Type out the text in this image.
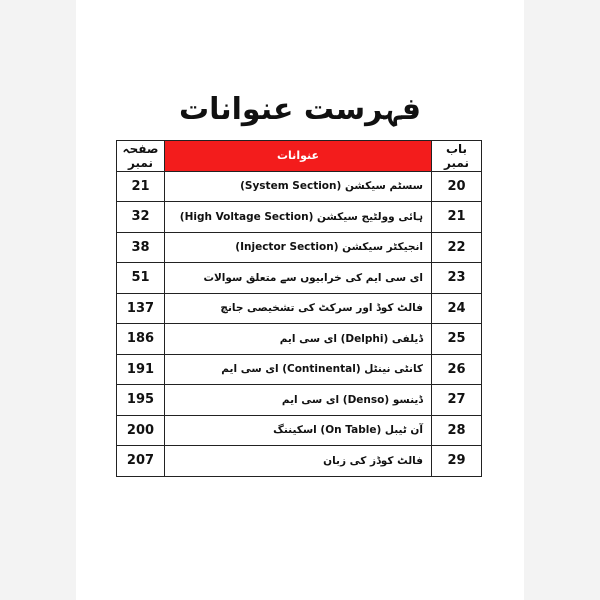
فہرست عنوانات
صفحہ نمبر	عنوانات	باب نمبر
21	سسٹم سیکشن (System Section)	20
32	ہائی وولٹیج سیکشن (High Voltage Section)	21
38	انجیکٹر سیکشن (Injector Section)	22
51	ای سی ایم کی خرابیوں سے متعلق سوالات	23
137	فالٹ کوڈ اور سرکٹ کی تشخیصی جانچ	24
186	ڈیلفی (Delphi) ای سی ایم	25
191	کانٹی نینٹل (Continental) ای سی ایم	26
195	ڈینسو (Denso) ای سی ایم	27
200	آن ٹیبل (On Table) اسکیننگ	28
207	فالٹ کوڈز کی زبان	29
